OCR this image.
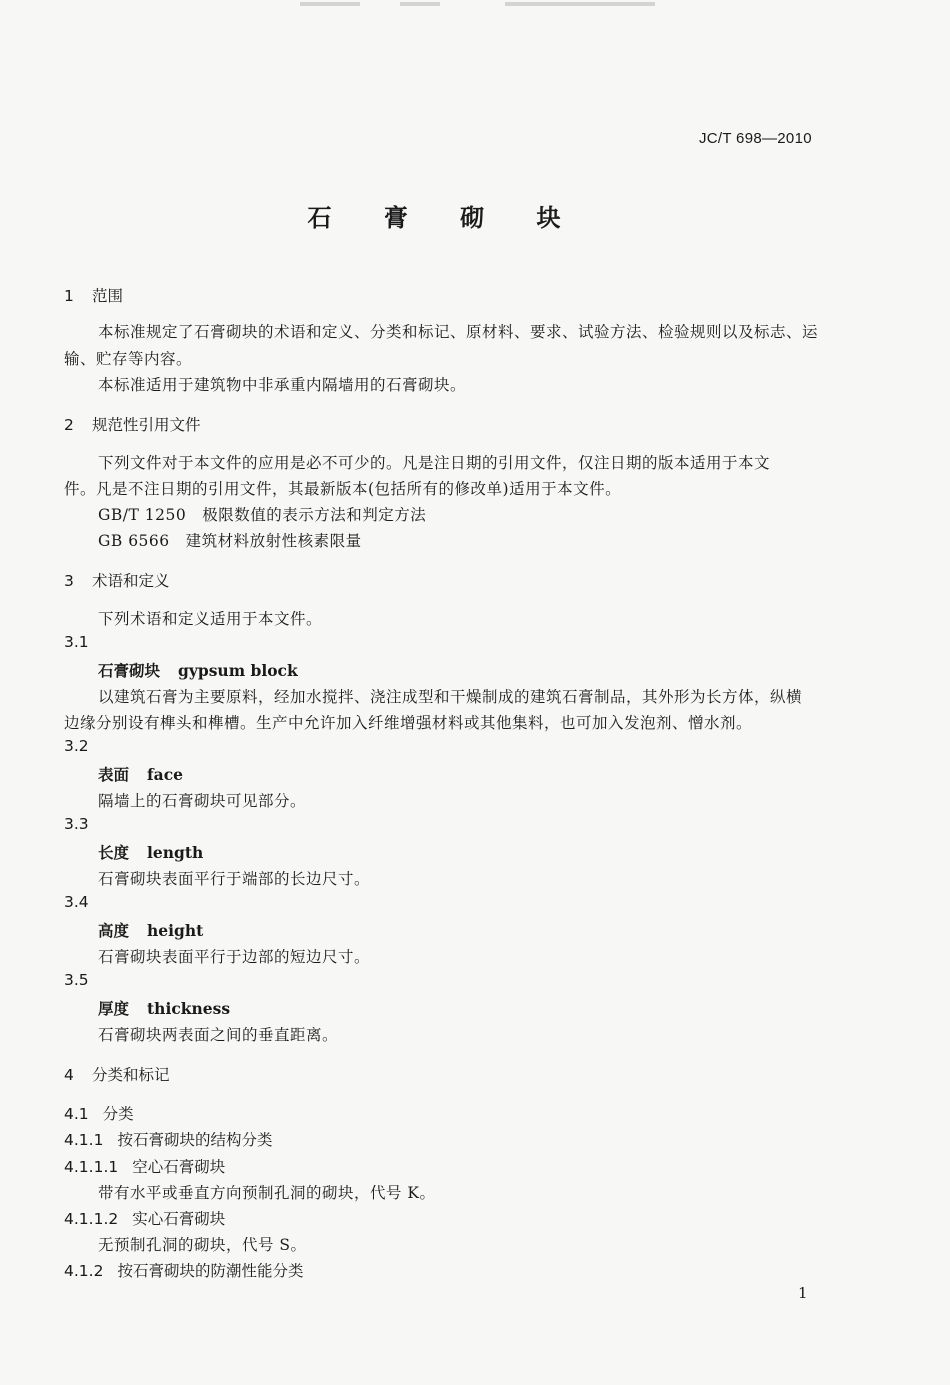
JC/T 698—2010
石 膏 砌 块
1 范围
本标准规定了石膏砌块的术语和定义、分类和标记、原材料、要求、试验方法、检验规则以及标志、运
输、贮存等内容。
本标准适用于建筑物中非承重内隔墙用的石膏砌块。
2 规范性引用文件
下列文件对于本文件的应用是必不可少的。凡是注日期的引用文件，仅注日期的版本适用于本文
件。凡是不注日期的引用文件，其最新版本(包括所有的修改单)适用于本文件。
GB/T 1250 极限数值的表示方法和判定方法
GB 6566 建筑材料放射性核素限量
3 术语和定义
下列术语和定义适用于本文件。
3.1
石膏砌块 gypsum block
以建筑石膏为主要原料，经加水搅拌、浇注成型和干燥制成的建筑石膏制品，其外形为长方体，纵横
边缘分别设有榫头和榫槽。生产中允许加入纤维增强材料或其他集料，也可加入发泡剂、憎水剂。
3.2
表面 face
隔墙上的石膏砌块可见部分。
3.3
长度 length
石膏砌块表面平行于端部的长边尺寸。
3.4
高度 height
石膏砌块表面平行于边部的短边尺寸。
3.5
厚度 thickness
石膏砌块两表面之间的垂直距离。
4 分类和标记
4.1 分类
4.1.1 按石膏砌块的结构分类
4.1.1.1 空心石膏砌块
带有水平或垂直方向预制孔洞的砌块，代号 K。
4.1.1.2 实心石膏砌块
无预制孔洞的砌块，代号 S。
4.1.2 按石膏砌块的防潮性能分类
1
